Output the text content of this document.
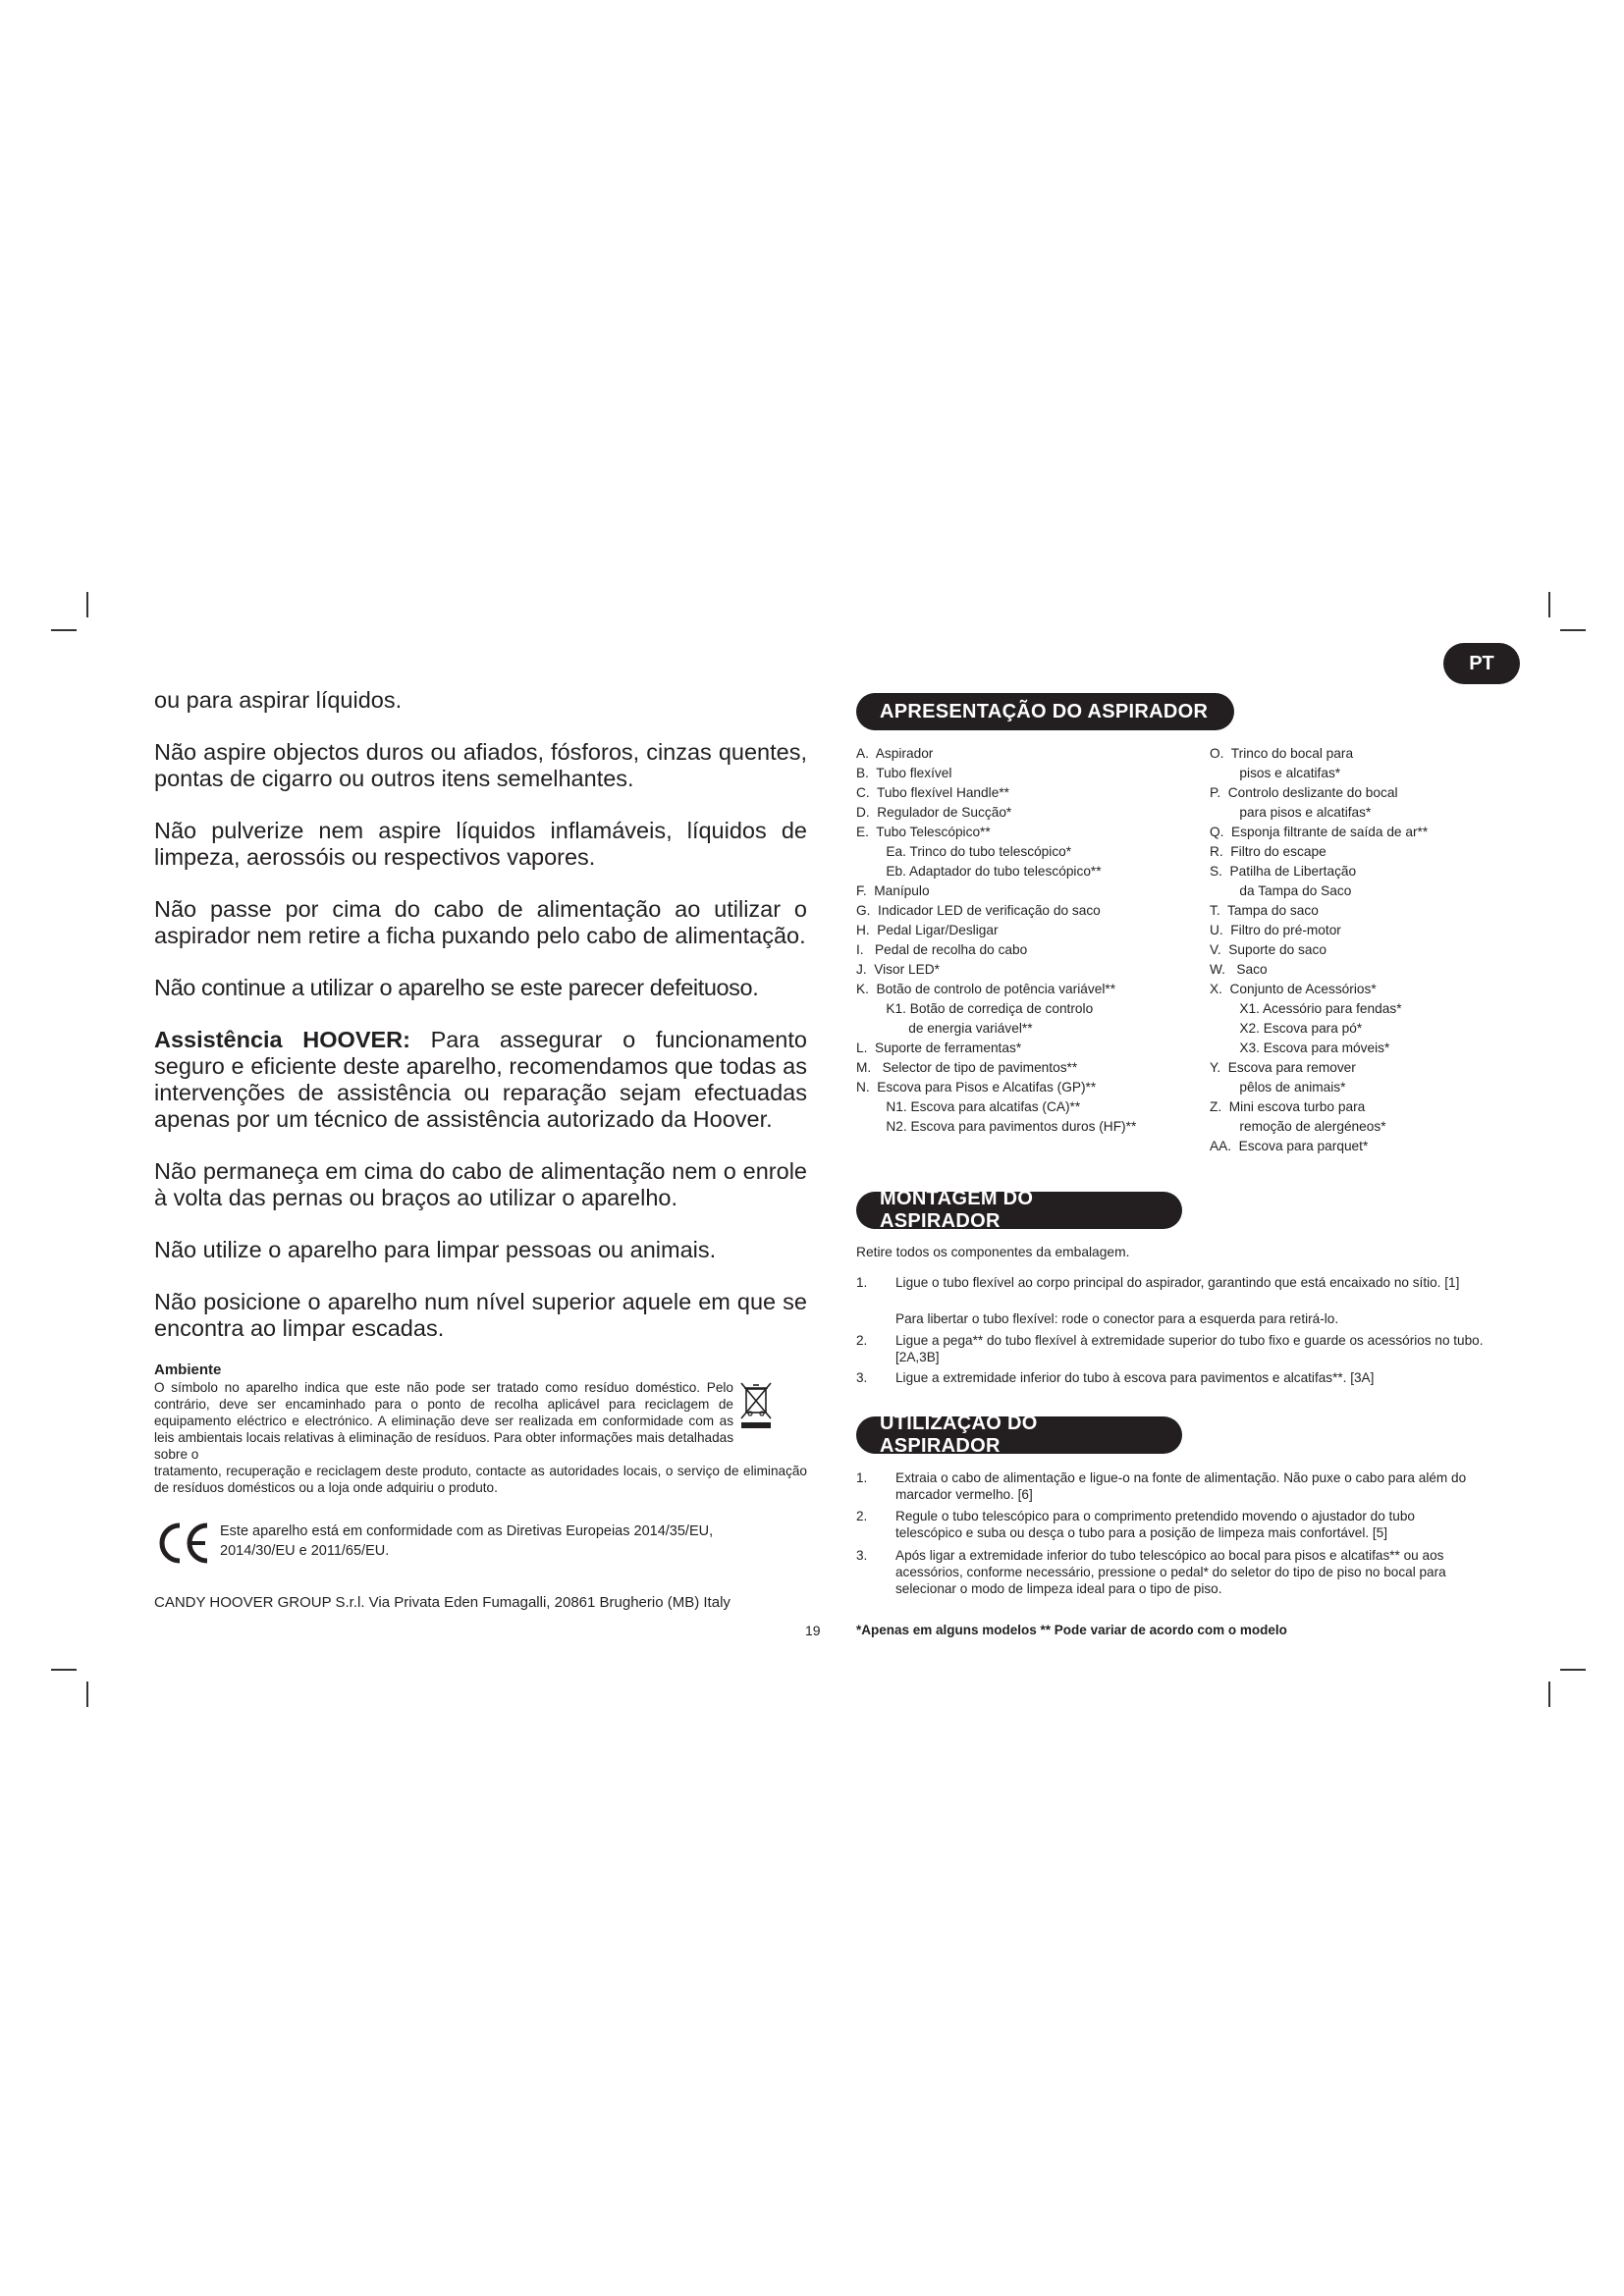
PT

ou para aspirar líquidos.

Não aspire objectos duros ou afiados, fósforos, cinzas quentes, pontas de cigarro ou outros itens semelhantes.

Não pulverize nem aspire líquidos inflamáveis, líquidos de limpeza, aerossóis ou respectivos vapores.

Não passe por cima do cabo de alimentação ao utilizar o aspirador nem retire a ficha puxando pelo cabo de alimentação.

Não continue a utilizar o aparelho se este parecer defeituoso.

Assistência HOOVER: Para assegurar o funcionamento seguro e eficiente deste aparelho, recomendamos que todas as intervenções de assistência ou reparação sejam efectuadas apenas por um técnico de assistência autorizado da Hoover.

Não permaneça em cima do cabo de alimentação nem o enrole à volta das pernas ou braços ao utilizar o aparelho.

Não utilize o aparelho para limpar pessoas ou animais.

Não posicione o aparelho num nível superior aquele em que se encontra ao limpar escadas.

Ambiente
O símbolo no aparelho indica que este não pode ser tratado como resíduo doméstico. Pelo contrário, deve ser encaminhado para o ponto de recolha aplicável para reciclagem de equipamento eléctrico e electrónico. A eliminação deve ser realizada em conformidade com as leis ambientais locais relativas à eliminação de resíduos. Para obter informações mais detalhadas sobre o
tratamento, recuperação e reciclagem deste produto, contacte as autoridades locais, o serviço de eliminação de resíduos domésticos ou a loja onde adquiriu o produto.
Este aparelho está em conformidade com as Diretivas Europeias 2014/35/EU,
2014/30/EU e 2011/65/EU.
CANDY HOOVER GROUP S.r.l. Via Privata Eden Fumagalli, 20861 Brugherio (MB) Italy
19
APRESENTAÇÃO DO ASPIRADOR
A.  Aspirador
B.  Tubo flexível
C.  Tubo flexível Handle**
D.  Regulador de Sucção*
E.  Tubo Telescópico**
Ea. Trinco do tubo telescópico*
Eb. Adaptador do tubo telescópico**
F.  Manípulo
G.  Indicador LED de verificação do saco
H.  Pedal Ligar/Desligar
I.   Pedal de recolha do cabo
J.  Visor LED*
K.  Botão de controlo de potência variável**
K1. Botão de corrediça de controlo
de energia variável**
L.  Suporte de ferramentas*
M.   Selector de tipo de pavimentos**
N.  Escova para Pisos e Alcatifas (GP)**
N1. Escova para alcatifas (CA)**
N2. Escova para pavimentos duros (HF)**
O.  Trinco do bocal para
pisos e alcatifas*
P.  Controlo deslizante do bocal
para pisos e alcatifas*
Q.  Esponja filtrante de saída de ar**
R.  Filtro do escape
S.  Patilha de Libertação
da Tampa do Saco
T.  Tampa do saco
U.  Filtro do pré-motor
V.  Suporte do saco
W.   Saco
X.  Conjunto de Acessórios*
X1. Acessório para fendas*
X2. Escova para pó*
X3. Escova para móveis*
Y.  Escova para remover
pêlos de animais*
Z.  Mini escova turbo para
remoção de alergéneos*
AA.  Escova para parquet*
MONTAGEM DO ASPIRADOR
Retire todos os componentes da embalagem.
1. Ligue o tubo flexível ao corpo principal do aspirador, garantindo que está encaixado no sítio. [1]
Para libertar o tubo flexível: rode o conector para a esquerda para retirá-lo.
2. Ligue a pega** do tubo flexível à extremidade superior do tubo fixo e guarde os acessórios no tubo. [2A,3B]
3. Ligue a extremidade inferior do tubo à escova para pavimentos e alcatifas**. [3A]
UTILIZAÇÃO DO ASPIRADOR
1. Extraia o cabo de alimentação e ligue-o na fonte de alimentação. Não puxe o cabo para além do marcador vermelho. [6]
2. Regule o tubo telescópico para o comprimento pretendido movendo o ajustador do tubo telescópico e suba ou desça o tubo para a posição de limpeza mais confortável. [5]
3. Após ligar a extremidade inferior do tubo telescópico ao bocal para pisos e alcatifas** ou aos acessórios, conforme necessário, pressione o pedal* do seletor do tipo de piso no bocal para selecionar o modo de limpeza ideal para o tipo de piso.
*Apenas em alguns modelos ** Pode variar de acordo com o modelo
